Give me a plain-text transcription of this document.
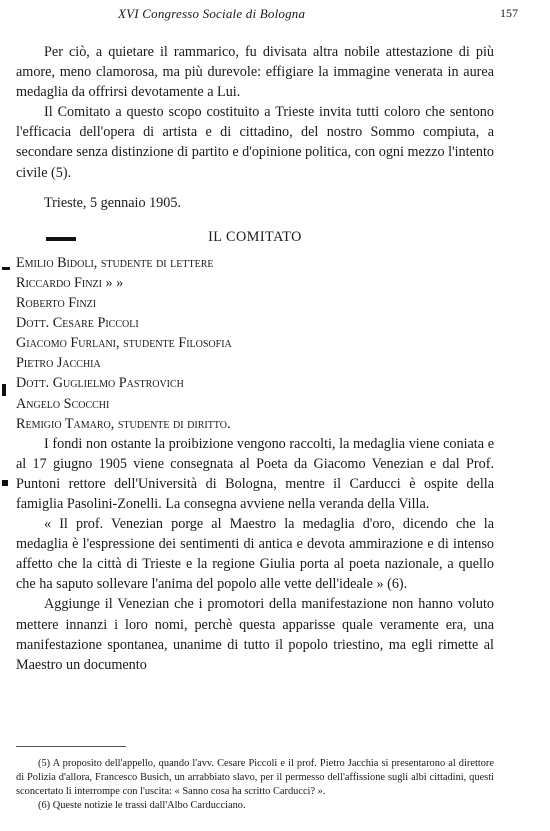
XVI Congresso Sociale di Bologna	157

Per ciò, a quietare il rammarico, fu divisata altra nobile attestazione di più amore, meno clamorosa, ma più durevole: effigiare la immagine venerata in aurea medaglia da offrirsi devotamente a Lui.

Il Comitato a questo scopo costituito a Trieste invita tutti coloro che sentono l'efficacia dell'opera di artista e di cittadino, del nostro Sommo compiuta, a secondare senza distinzione di partito e d'opinione politica, con ogni mezzo l'intento civile (5).

Trieste, 5 gennaio 1905.

IL COMITATO

Emilio Bidoli, studente di lettere
Riccardo Finzi » »
Roberto Finzi
Dott. Cesare Piccoli
Giacomo Furlani, studente Filosofia
Pietro Jacchia
Dott. Guglielmo Pastrovich
Angelo Scocchi
Remigio Tamaro, studente di diritto.

I fondi non ostante la proibizione vengono raccolti, la medaglia viene coniata e al 17 giugno 1905 viene consegnata al Poeta da Giacomo Venezian e dal Prof. Puntoni rettore dell'Università di Bologna, mentre il Carducci è ospite della famiglia Pasolini-Zonelli. La consegna avviene nella veranda della Villa.

« Il prof. Venezian porge al Maestro la medaglia d'oro, dicendo che la medaglia è l'espressione dei sentimenti di antica e devota ammirazione e di intenso affetto che la città di Trieste e la regione Giulia porta al poeta nazionale, a quello che ha saputo sollevare l'anima del popolo alle vette dell'ideale » (6).

Aggiunge il Venezian che i promotori della manifestazione non hanno voluto mettere innanzi i loro nomi, perchè questa apparisse quale veramente era, una manifestazione spontanea, unanime di tutto il popolo triestino, ma egli rimette al Maestro un documento

(5) A proposito dell'appello, quando l'avv. Cesare Piccoli e il prof. Pietro Jacchia si presentarono al direttore di Polizia d'allora, Francesco Busich, un arrabbiato slavo, per il permesso dell'affissione sugli albi cittadini, questi sconcertato li interrompe con l'uscita: « Sanno cosa ha scritto Carducci? ».

(6) Queste notizie le trassi dall'Albo Carducciano.
